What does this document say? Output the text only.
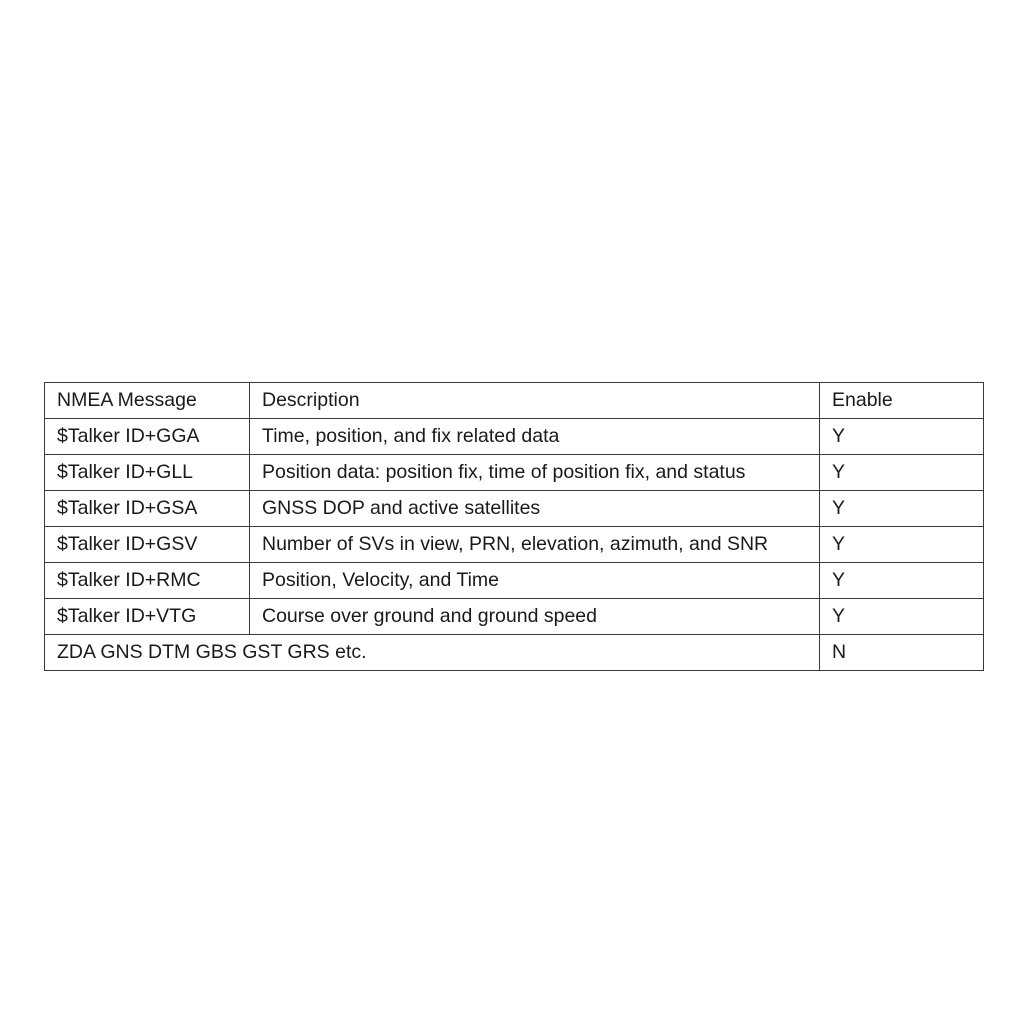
NMEA Message	Description	Enable
$Talker ID+GGA	Time, position, and fix related data	Y
$Talker ID+GLL	Position data: position fix, time of position fix, and status	Y
$Talker ID+GSA	GNSS DOP and active satellites	Y
$Talker ID+GSV	Number of SVs in view, PRN, elevation, azimuth, and SNR	Y
$Talker ID+RMC	Position, Velocity, and Time	Y
$Talker ID+VTG	Course over ground and ground speed	Y
ZDA GNS DTM GBS GST GRS etc.		N
